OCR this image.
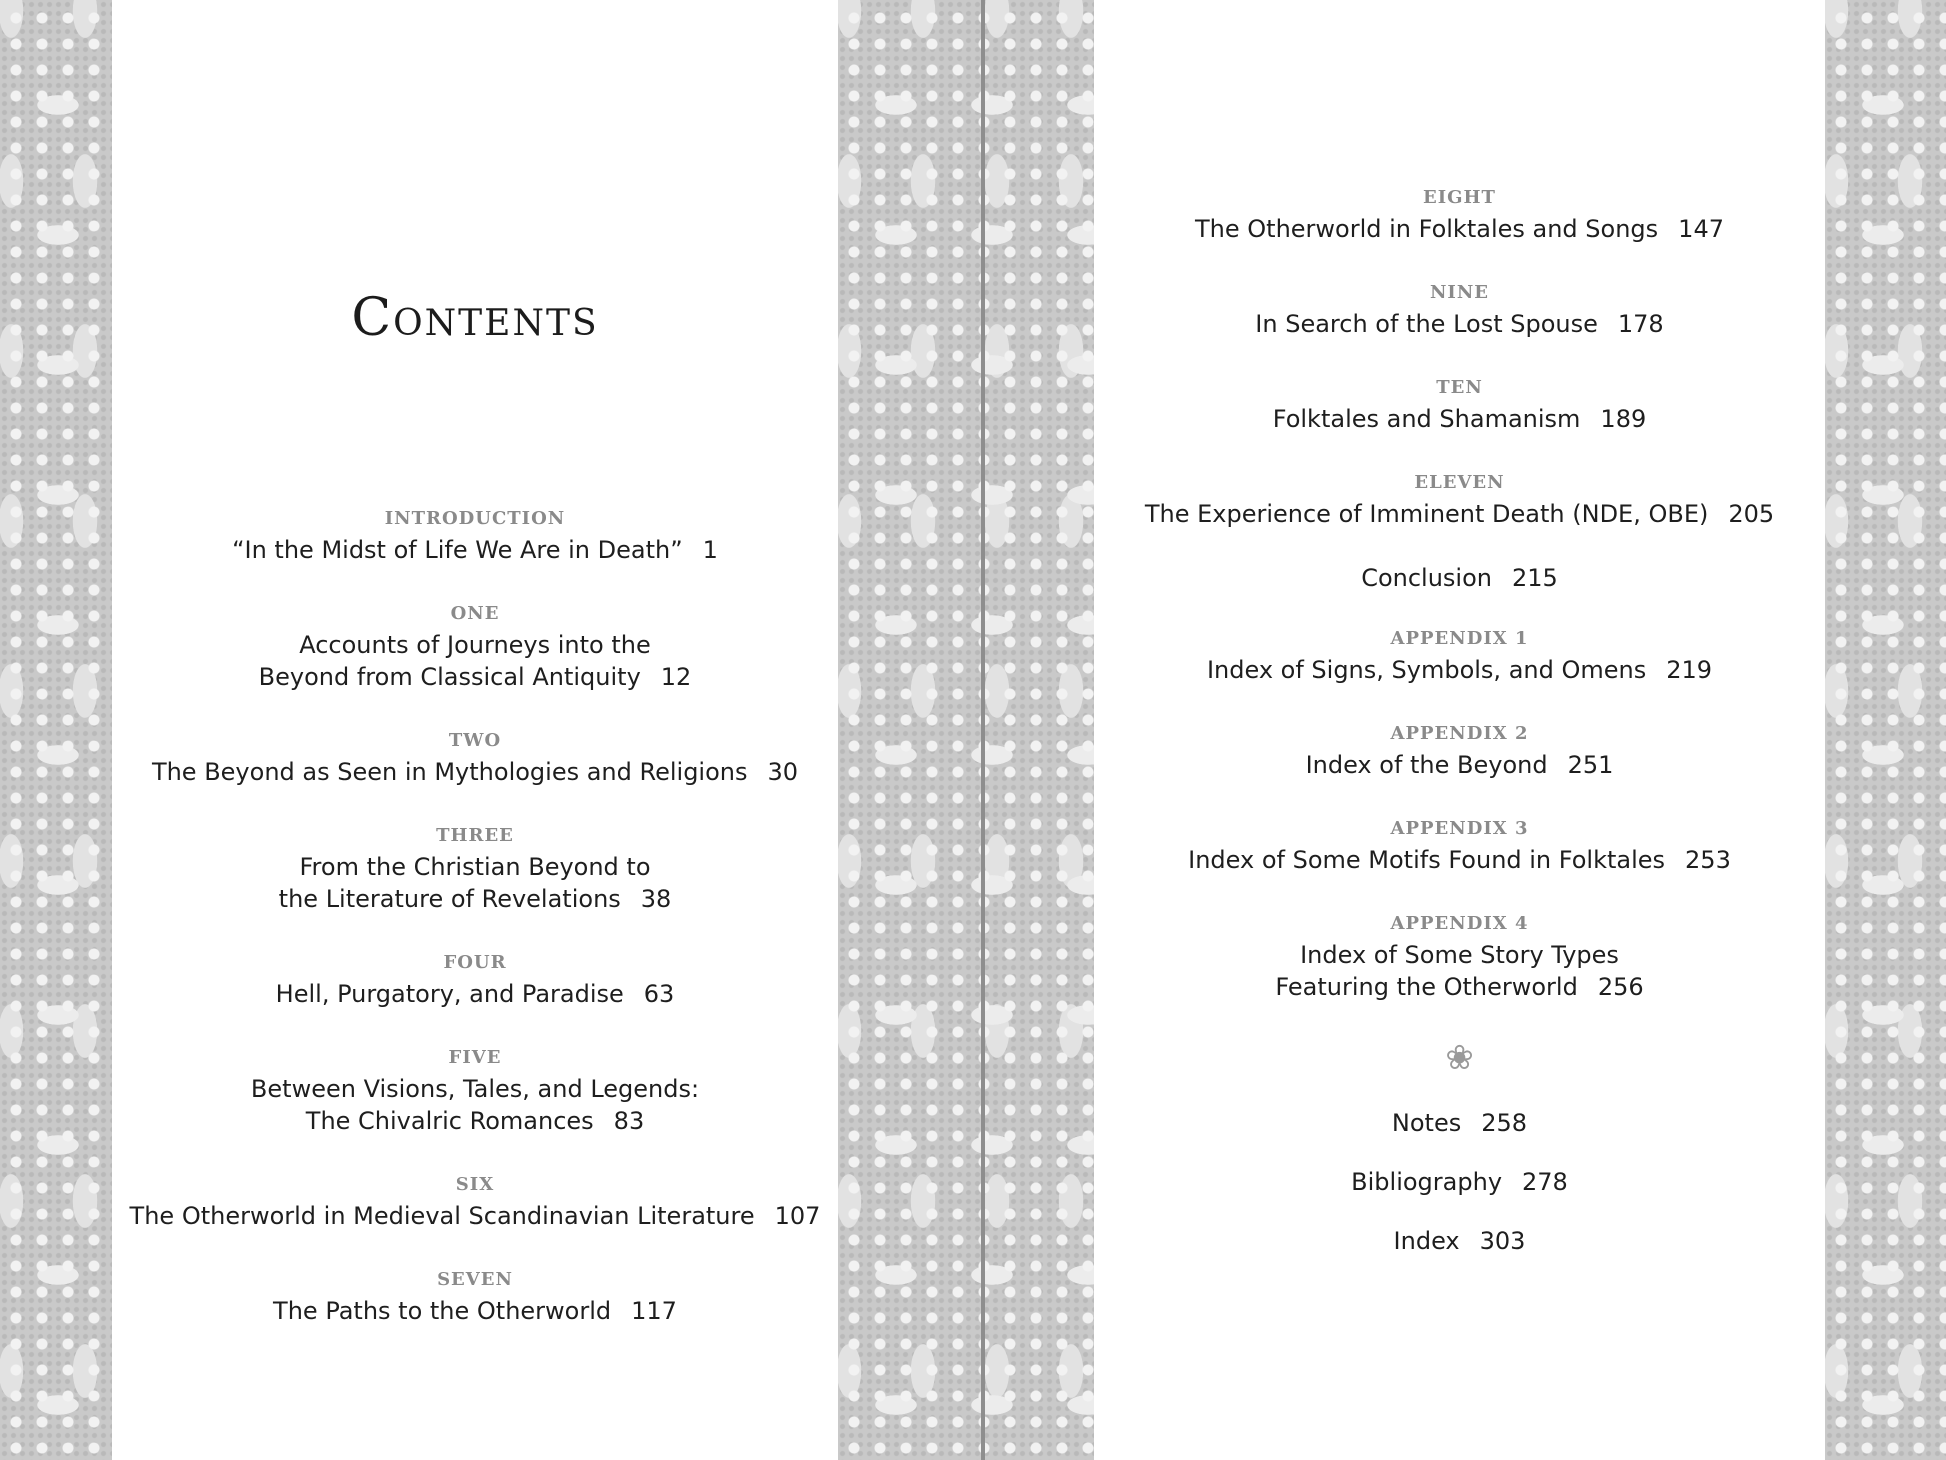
Contents
INTRODUCTION
“In the Midst of Life We Are in Death” 1
ONE
Accounts of Journeys into the
Beyond from Classical Antiquity 12
TWO
The Beyond as Seen in Mythologies and Religions 30
THREE
From the Christian Beyond to
the Literature of Revelations 38
FOUR
Hell, Purgatory, and Paradise 63
FIVE
Between Visions, Tales, and Legends:
The Chivalric Romances 83
SIX
The Otherworld in Medieval Scandinavian Literature 107
SEVEN
The Paths to the Otherworld 117
EIGHT
The Otherworld in Folktales and Songs 147
NINE
In Search of the Lost Spouse 178
TEN
Folktales and Shamanism 189
ELEVEN
The Experience of Imminent Death (NDE, OBE) 205
Conclusion 215
APPENDIX 1
Index of Signs, Symbols, and Omens 219
APPENDIX 2
Index of the Beyond 251
APPENDIX 3
Index of Some Motifs Found in Folktales 253
APPENDIX 4
Index of Some Story Types
Featuring the Otherworld 256
❀
Notes 258
Bibliography 278
Index 303
